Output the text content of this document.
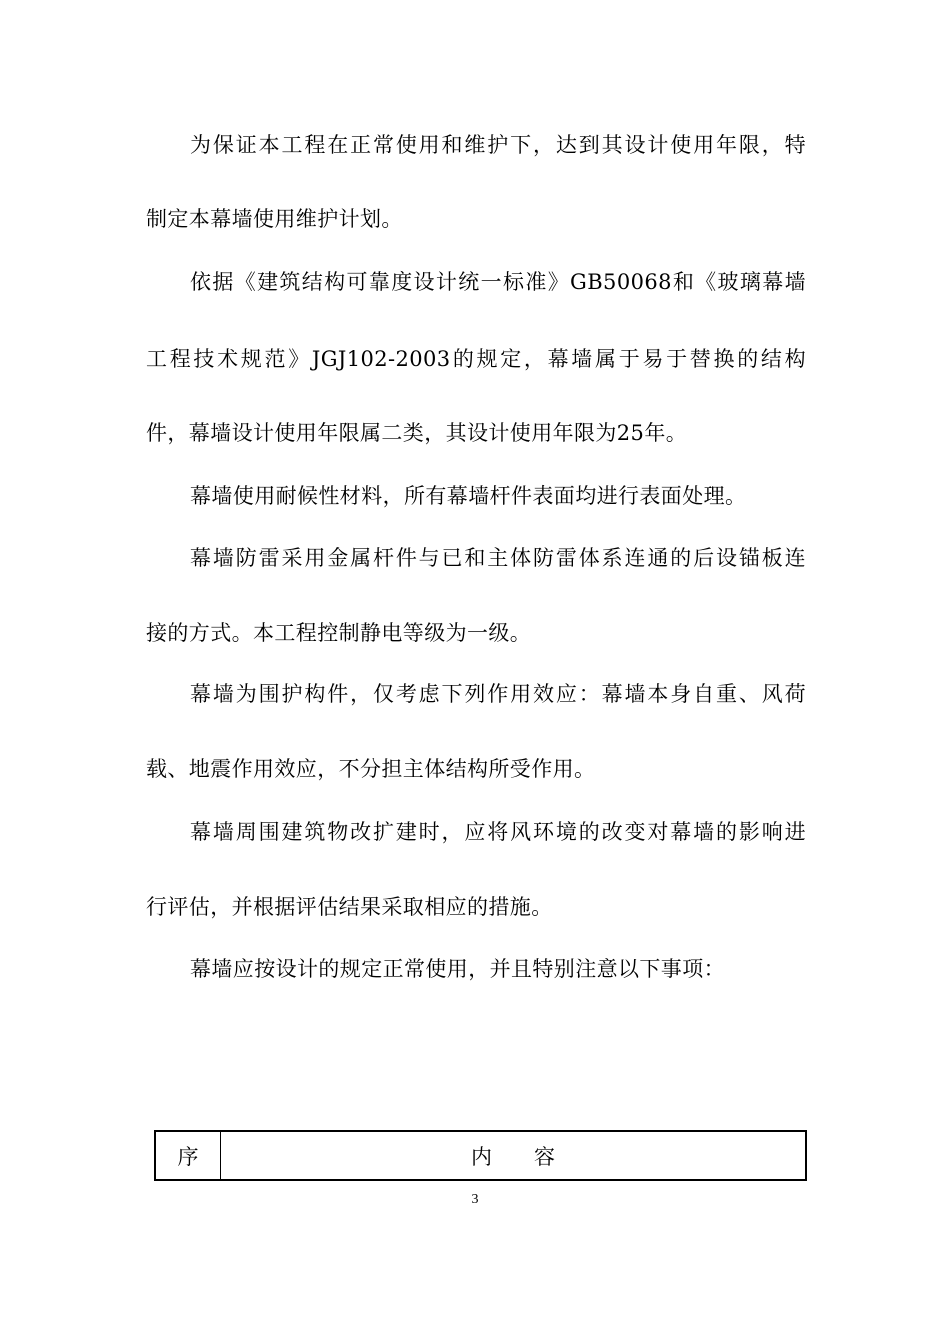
为保证本工程在正常使用和维护下，达到其设计使用年限，特
制定本幕墙使用维护计划。
依据《建筑结构可靠度设计统一标准》GB50068和《玻璃幕墙
工程技术规范》JGJ102-2003的规定，幕墙属于易于替换的结构
件，幕墙设计使用年限属二类，其设计使用年限为25年。
幕墙使用耐候性材料，所有幕墙杆件表面均进行表面处理。
幕墙防雷采用金属杆件与已和主体防雷体系连通的后设锚板连
接的方式。本工程控制静电等级为一级。
幕墙为围护构件，仅考虑下列作用效应：幕墙本身自重、风荷
载、地震作用效应，不分担主体结构所受作用。
幕墙周围建筑物改扩建时，应将风环境的改变对幕墙的影响进
行评估，并根据评估结果采取相应的措施。
幕墙应按设计的规定正常使用，并且特别注意以下事项：
序	内　　容
3
